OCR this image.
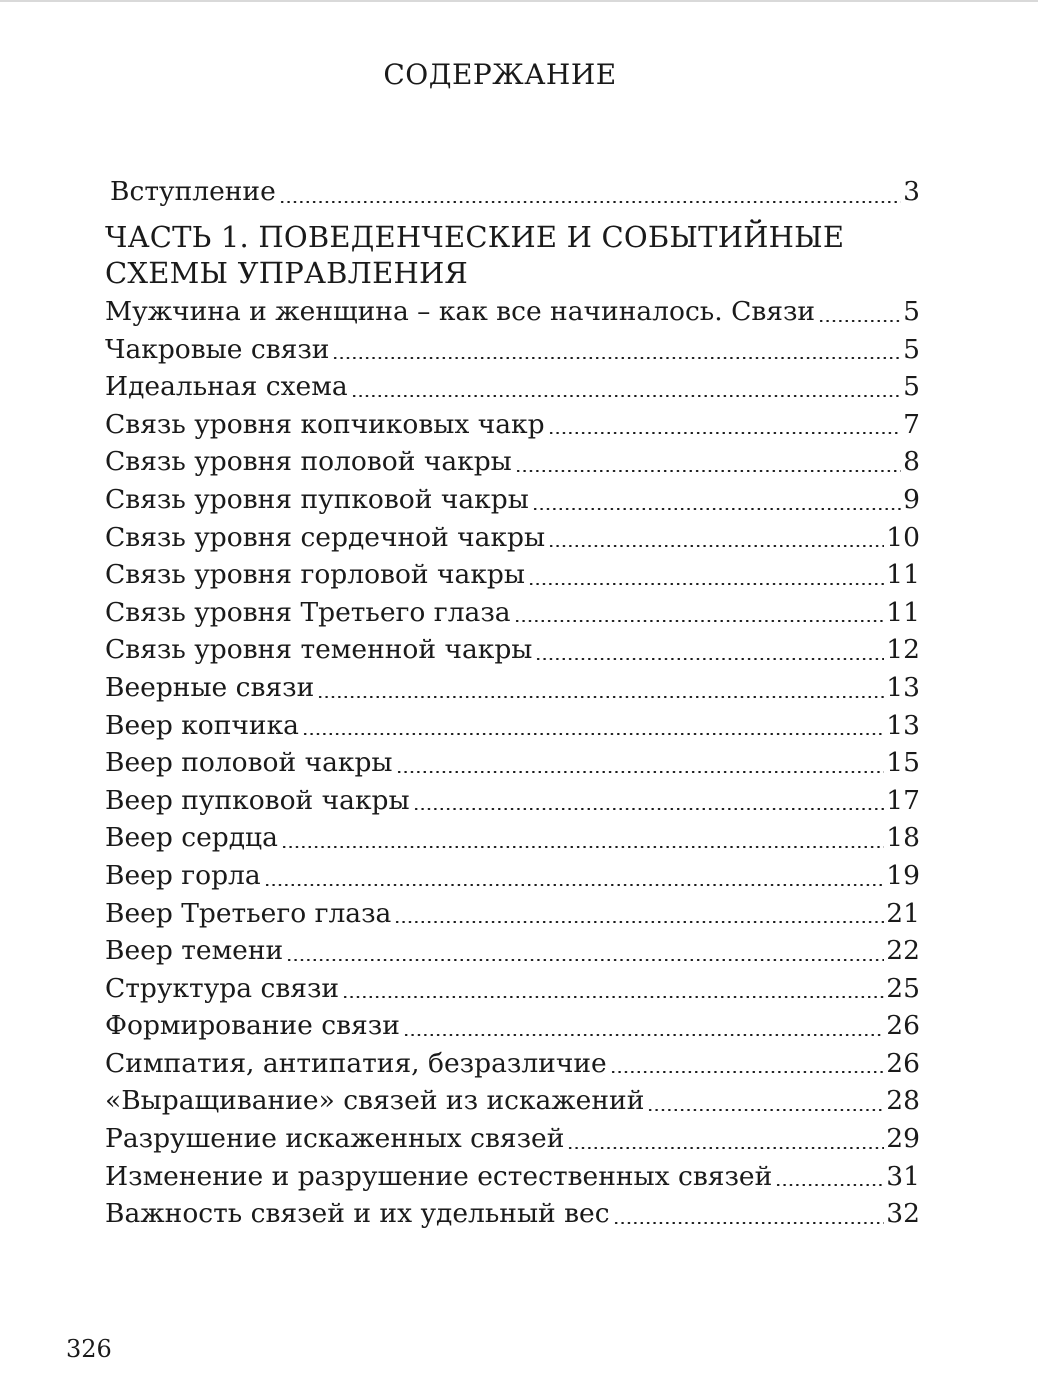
СОДЕРЖАНИЕ
Вступление	3
ЧАСТЬ 1. ПОВЕДЕНЧЕСКИЕ И СОБЫТИЙНЫЕ
СХЕМЫ УПРАВЛЕНИЯ
Мужчина и женщина – как все начиналось. Связи	5
Чакровые связи	5
Идеальная схема	5
Связь уровня копчиковых чакр	7
Связь уровня половой чакры	8
Связь уровня пупковой чакры	9
Связь уровня сердечной чакры	10
Связь уровня горловой чакры	11
Связь уровня Третьего глаза	11
Связь уровня теменной чакры	12
Веерные связи	13
Веер копчика	13
Веер половой чакры	15
Веер пупковой чакры	17
Веер сердца	18
Веер горла	19
Веер Третьего глаза	21
Веер темени	22
Структура связи	25
Формирование связи	26
Симпатия, антипатия, безразличие	26
«Выращивание» связей из искажений	28
Разрушение искаженных связей	29
Изменение и разрушение естественных связей	31
Важность связей и их удельный вес	32
326
